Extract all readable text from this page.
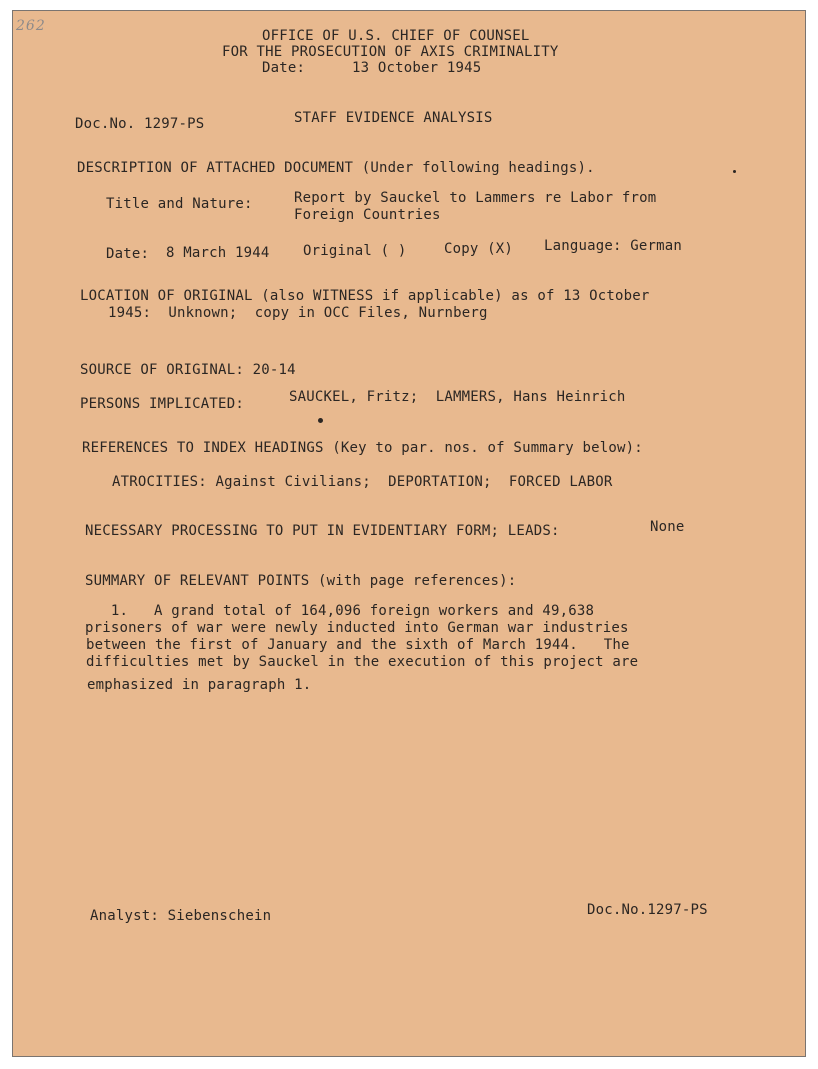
262
OFFICE OF U.S. CHIEF OF COUNSEL
FOR THE PROSECUTION OF AXIS CRIMINALITY
Date:	13 October 1945
Doc.No. 1297-PS	STAFF EVIDENCE ANALYSIS
DESCRIPTION OF ATTACHED DOCUMENT (Under following headings).
Title and Nature:	Report by Sauckel to Lammers re Labor from
Foreign Countries
Date: 8 March 1944 Original ( )	Copy (X) Language: German
LOCATION OF ORIGINAL (also WITNESS if applicable) as of 13 October
1945:  Unknown;  copy in OCC Files, Nurnberg
SOURCE OF ORIGINAL: 20-14
PERSONS IMPLICATED:	SAUCKEL, Fritz;  LAMMERS, Hans Heinrich
REFERENCES TO INDEX HEADINGS (Key to par. nos. of Summary below):
ATROCITIES: Against Civilians;  DEPORTATION;  FORCED LABOR
NECESSARY PROCESSING TO PUT IN EVIDENTIARY FORM; LEADS:	None
SUMMARY OF RELEVANT POINTS (with page references):
1.   A grand total of 164,096 foreign workers and 49,638
prisoners of war were newly inducted into German war industries
between the first of January and the sixth of March 1944.   The
difficulties met by Sauckel in the execution of this project are
emphasized in paragraph 1.
Analyst: Siebenschein	Doc.No.1297-PS
